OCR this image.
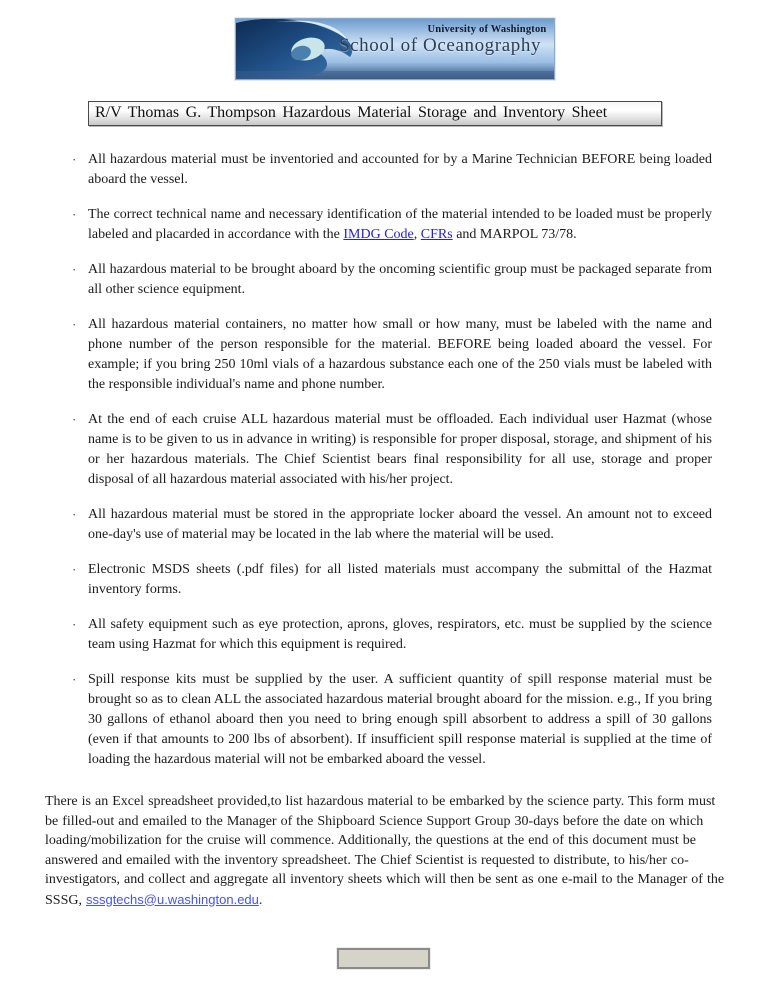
University of Washington
School of Oceanography
R/V Thomas G. Thompson Hazardous Material Storage and Inventory Sheet
· All hazardous material must be inventoried and accounted for by a Marine Technician BEFORE being loaded aboard the vessel.
· The correct technical name and necessary identification of the material intended to be loaded must be properly labeled and placarded in accordance with the IMDG Code, CFRs and MARPOL 73/78.
· All hazardous material to be brought aboard by the oncoming scientific group must be packaged separate from all other science equipment.
· All hazardous material containers, no matter how small or how many, must be labeled with the name and phone number of the person responsible for the material. BEFORE being loaded aboard the vessel. For example; if you bring 250 10ml vials of a hazardous substance each one of the 250 vials must be labeled with the responsible individual's name and phone number.
· At the end of each cruise ALL hazardous material must be offloaded. Each individual user Hazmat (whose name is to be given to us in advance in writing) is responsible for proper disposal, storage, and shipment of his or her hazardous materials. The Chief Scientist bears final responsibility for all use, storage and proper disposal of all hazardous material associated with his/her project.
· All hazardous material must be stored in the appropriate locker aboard the vessel. An amount not to exceed one-day's use of material may be located in the lab where the material will be used.
· Electronic MSDS sheets (.pdf files) for all listed materials must accompany the submittal of the Hazmat inventory forms.
· All safety equipment such as eye protection, aprons, gloves, respirators, etc. must be supplied by the science team using Hazmat for which this equipment is required.
· Spill response kits must be supplied by the user. A sufficient quantity of spill response material must be brought so as to clean ALL the associated hazardous material brought aboard for the mission. e.g., If you bring 30 gallons of ethanol aboard then you need to bring enough spill absorbent to address a spill of 30 gallons (even if that amounts to 200 lbs of absorbent). If insufficient spill response material is supplied at the time of loading the hazardous material will not be embarked aboard the vessel.

There is an Excel spreadsheet provided,to list hazardous material to be embarked by the science party. This form must be filled-out and emailed to the Manager of the Shipboard Science Support Group 30-days before the date on which loading/mobilization for the cruise will commence. Additionally, the questions at the end of this document must be answered and emailed with the inventory spreadsheet. The Chief Scientist is requested to distribute, to his/her co-investigators, and collect and aggregate all inventory sheets which will then be sent as one e-mail to the Manager of the SSSG, sssgtechs@u.washington.edu.
